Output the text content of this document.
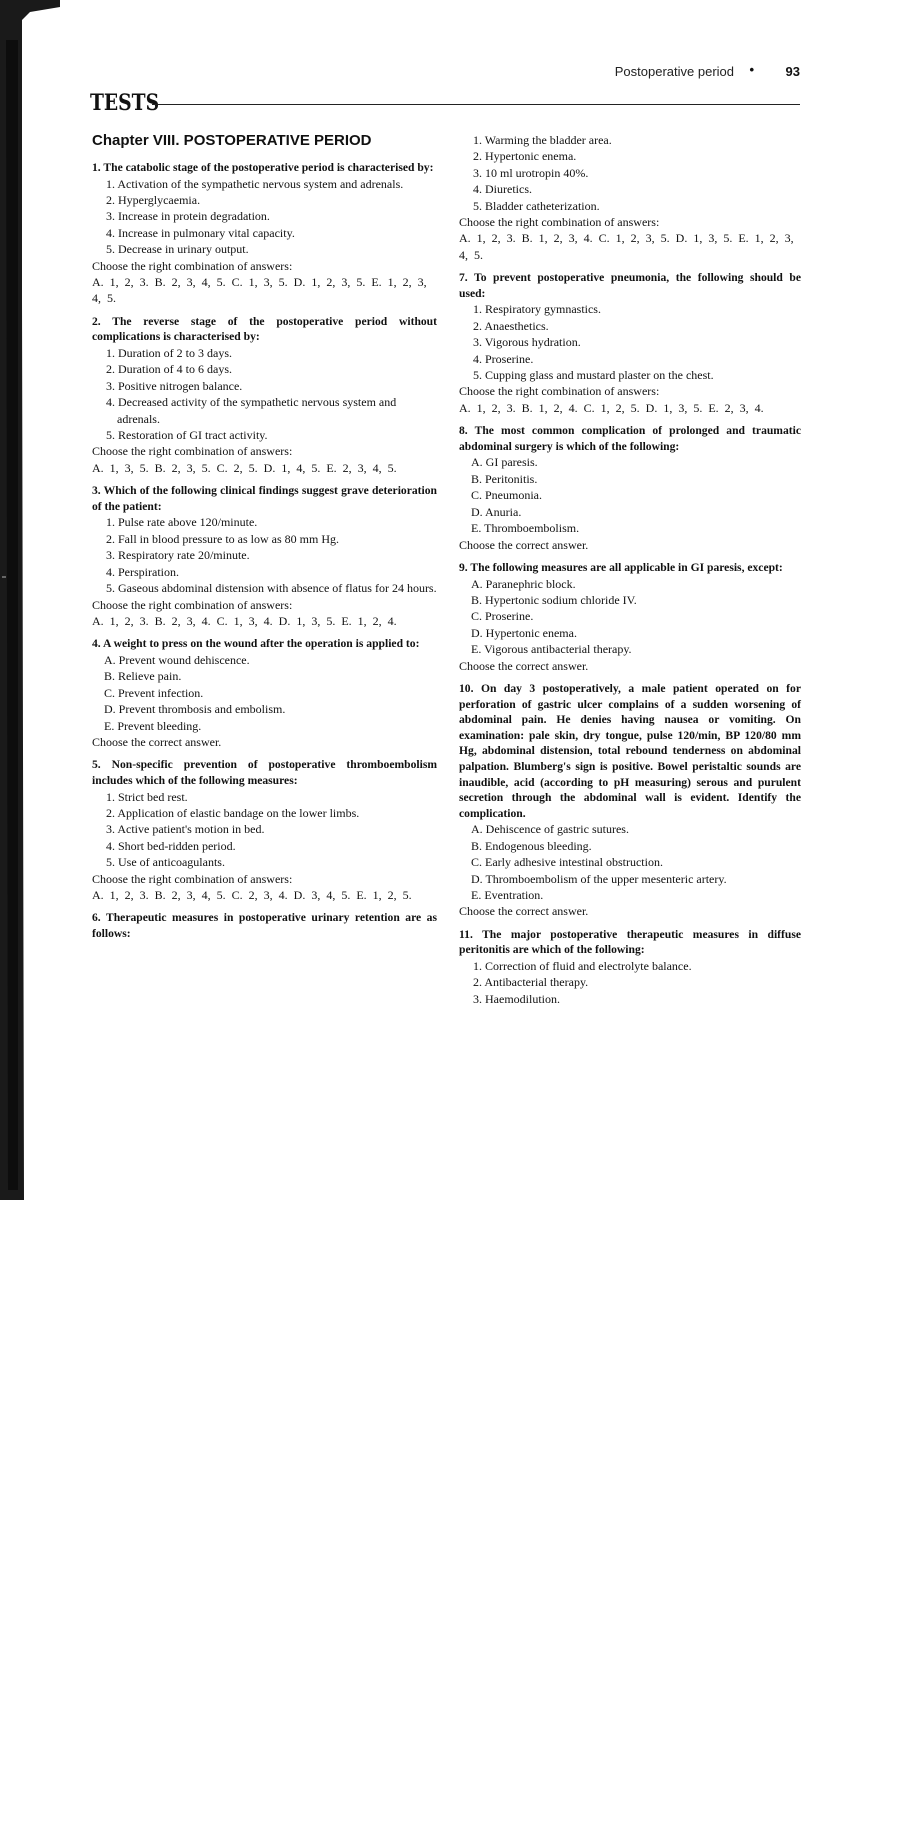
Postoperative period • 93
TESTS
Chapter VIII. POSTOPERATIVE PERIOD
1. The catabolic stage of the postoperative period is characterised by:
1. Activation of the sympathetic nervous system and adrenals.
2. Hyperglycaemia.
3. Increase in protein degradation.
4. Increase in pulmonary vital capacity.
5. Decrease in urinary output.
Choose the right combination of answers:
A. 1, 2, 3. B. 2, 3, 4, 5. C. 1, 3, 5. D. 1, 2, 3, 5. E. 1, 2, 3, 4, 5.
2. The reverse stage of the postoperative period without complications is characterised by:
1. Duration of 2 to 3 days.
2. Duration of 4 to 6 days.
3. Positive nitrogen balance.
4. Decreased activity of the sympathetic nervous system and adrenals.
5. Restoration of GI tract activity.
Choose the right combination of answers:
A. 1, 3, 5. B. 2, 3, 5. C. 2, 5. D. 1, 4, 5. E. 2, 3, 4, 5.
3. Which of the following clinical findings suggest grave deterioration of the patient:
1. Pulse rate above 120/minute.
2. Fall in blood pressure to as low as 80 mm Hg.
3. Respiratory rate 20/minute.
4. Perspiration.
5. Gaseous abdominal distension with absence of flatus for 24 hours.
Choose the right combination of answers:
A. 1, 2, 3. B. 2, 3, 4. C. 1, 3, 4. D. 1, 3, 5. E. 1, 2, 4.
4. A weight to press on the wound after the operation is applied to:
A. Prevent wound dehiscence.
B. Relieve pain.
C. Prevent infection.
D. Prevent thrombosis and embolism.
E. Prevent bleeding.
Choose the correct answer.
5. Non-specific prevention of postoperative thromboembolism includes which of the following measures:
1. Strict bed rest.
2. Application of elastic bandage on the lower limbs.
3. Active patient's motion in bed.
4. Short bed-ridden period.
5. Use of anticoagulants.
Choose the right combination of answers:
A. 1, 2, 3. B. 2, 3, 4, 5. C. 2, 3, 4. D. 3, 4, 5. E. 1, 2, 5.
6. Therapeutic measures in postoperative urinary retention are as follows:
1. Warming the bladder area.
2. Hypertonic enema.
3. 10 ml urotropin 40%.
4. Diuretics.
5. Bladder catheterization.
Choose the right combination of answers:
A. 1, 2, 3. B. 1, 2, 3, 4. C. 1, 2, 3, 5. D. 1, 3, 5. E. 1, 2, 3, 4, 5.
7. To prevent postoperative pneumonia, the following should be used:
1. Respiratory gymnastics.
2. Anaesthetics.
3. Vigorous hydration.
4. Proserine.
5. Cupping glass and mustard plaster on the chest.
Choose the right combination of answers:
A. 1, 2, 3. B. 1, 2, 4. C. 1, 2, 5. D. 1, 3, 5. E. 2, 3, 4.
8. The most common complication of prolonged and traumatic abdominal surgery is which of the following:
A. GI paresis.
B. Peritonitis.
C. Pneumonia.
D. Anuria.
E. Thromboembolism.
Choose the correct answer.
9. The following measures are all applicable in GI paresis, except:
A. Paranephric block.
B. Hypertonic sodium chloride IV.
C. Proserine.
D. Hypertonic enema.
E. Vigorous antibacterial therapy.
Choose the correct answer.
10. On day 3 postoperatively, a male patient operated on for perforation of gastric ulcer complains of a sudden worsening of abdominal pain. He denies having nausea or vomiting. On examination: pale skin, dry tongue, pulse 120/min, BP 120/80 mm Hg, abdominal distension, total rebound tenderness on abdominal palpation. Blumberg's sign is positive. Bowel peristaltic sounds are inaudible, acid (according to pH measuring) serous and purulent secretion through the abdominal wall is evident. Identify the complication.
A. Dehiscence of gastric sutures.
B. Endogenous bleeding.
C. Early adhesive intestinal obstruction.
D. Thromboembolism of the upper mesenteric artery.
E. Eventration.
Choose the correct answer.
11. The major postoperative therapeutic measures in diffuse peritonitis are which of the following:
1. Correction of fluid and electrolyte balance.
2. Antibacterial therapy.
3. Haemodilution.
